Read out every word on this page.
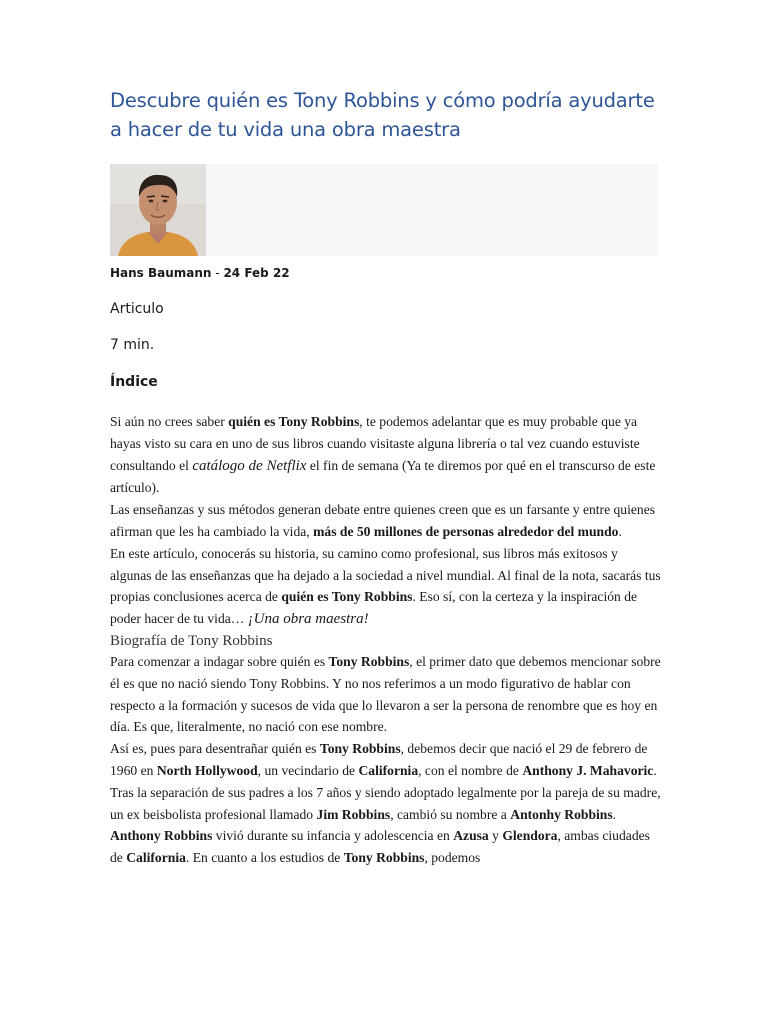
Descubre quién es Tony Robbins y cómo podría ayudarte a hacer de tu vida una obra maestra
Hans Baumann - 24 Feb 22
Articulo
7 min.
Índice

Si aún no crees saber quién es Tony Robbins, te podemos adelantar que es muy probable que ya hayas visto su cara en uno de sus libros cuando visitaste alguna librería o tal vez cuando estuviste consultando el catálogo de Netflix el fin de semana (Ya te diremos por qué en el transcurso de este artículo).

Las enseñanzas y sus métodos generan debate entre quienes creen que es un farsante y entre quienes afirman que les ha cambiado la vida, más de 50 millones de personas alrededor del mundo.

En este artículo, conocerás su historia, su camino como profesional, sus libros más exitosos y algunas de las enseñanzas que ha dejado a la sociedad a nivel mundial. Al final de la nota, sacarás tus propias conclusiones acerca de quién es Tony Robbins. Eso sí, con la certeza y la inspiración de poder hacer de tu vida… ¡Una obra maestra!

Biografía de Tony Robbins

Para comenzar a indagar sobre quién es Tony Robbins, el primer dato que debemos mencionar sobre él es que no nació siendo Tony Robbins. Y no nos referimos a un modo figurativo de hablar con respecto a la formación y sucesos de vida que lo llevaron a ser la persona de renombre que es hoy en día. Es que, literalmente, no nació con ese nombre.

Así es, pues para desentrañar quién es Tony Robbins, debemos decir que nació el 29 de febrero de 1960 en North Hollywood, un vecindario de California, con el nombre de Anthony J. Mahavoric. Tras la separación de sus padres a los 7 años y siendo adoptado legalmente por la pareja de su madre, un ex beisbolista profesional llamado Jim Robbins, cambió su nombre a Antonhy Robbins.

Anthony Robbins vivió durante su infancia y adolescencia en Azusa y Glendora, ambas ciudades de California. En cuanto a los estudios de Tony Robbins, podemos
